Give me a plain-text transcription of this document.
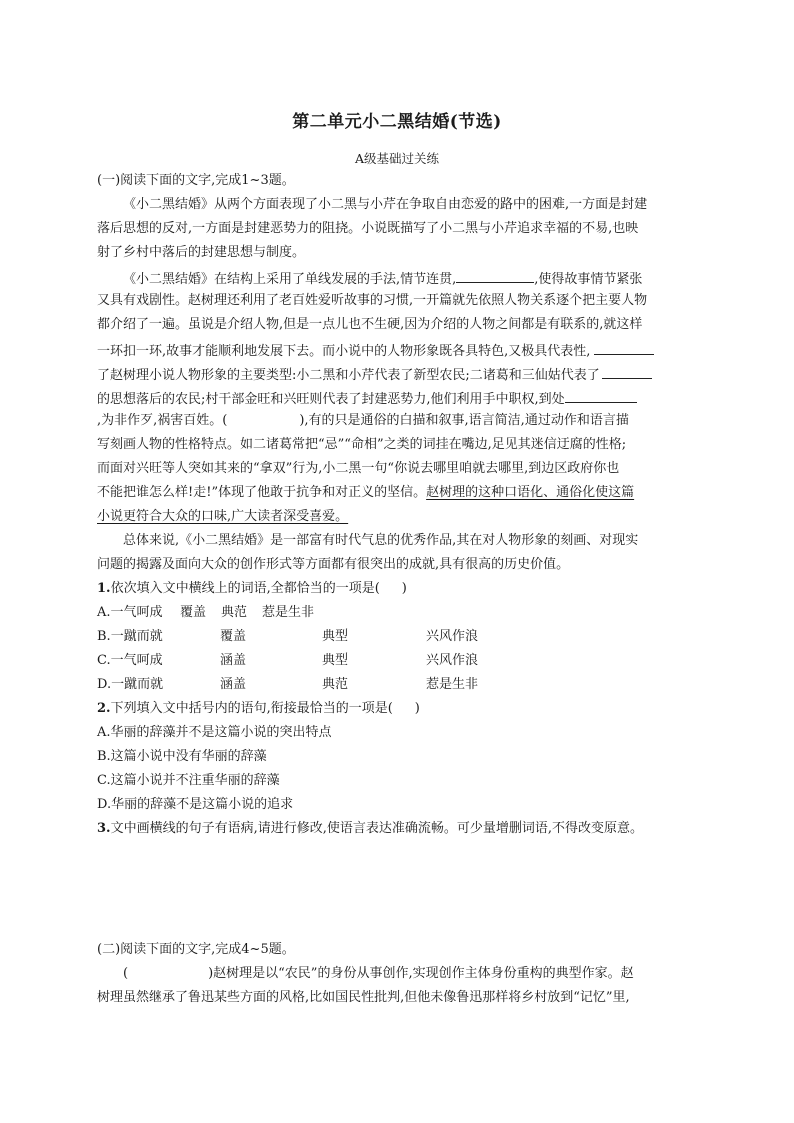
第二单元小二黑结婚(节选)
A级基础过关练
(一)阅读下面的文字,完成1~3题。
《小二黑结婚》从两个方面表现了小二黑与小芹在争取自由恋爱的路中的困难,一方面是封建
落后思想的反对,一方面是封建恶势力的阻挠。小说既描写了小二黑与小芹追求幸福的不易,也映
射了乡村中落后的封建思想与制度。
《小二黑结婚》在结构上采用了单线发展的手法,情节连贯,	,使得故事情节紧张
又具有戏剧性。赵树理还利用了老百姓爱听故事的习惯,一开篇就先依照人物关系逐个把主要人物
都介绍了一遍。虽说是介绍人物,但是一点儿也不生硬,因为介绍的人物之间都是有联系的,就这样
一环扣一环,故事才能顺利地发展下去。而小说中的人物形象既各具特色,又极具代表性,
了赵树理小说人物形象的主要类型:小二黑和小芹代表了新型农民;二诸葛和三仙姑代表了
的思想落后的农民;村干部金旺和兴旺则代表了封建恶势力,他们利用手中职权,到处
,为非作歹,祸害百姓。(	),有的只是通俗的白描和叙事,语言简洁,通过动作和语言描
写刻画人物的性格特点。如二诸葛常把“忌”“命相”之类的词挂在嘴边,足见其迷信迂腐的性格;
而面对兴旺等人突如其来的“拿双”行为,小二黑一句“你说去哪里咱就去哪里,到边区政府你也
不能把谁怎么样!走!”体现了他敢于抗争和对正义的坚信。赵树理的这种口语化、通俗化使这篇
小说更符合大众的口味,广大读者深受喜爱。
总体来说,《小二黑结婚》是一部富有时代气息的优秀作品,其在对人物形象的刻画、对现实
问题的揭露及面向大众的创作形式等方面都有很突出的成就,具有很高的历史价值。
1.依次填入文中横线上的词语,全都恰当的一项是( )
A.一气呵成 覆盖 典范 惹是生非
B.一蹴而就	覆盖	典型	兴风作浪
C.一气呵成	涵盖	典型	兴风作浪
D.一蹴而就	涵盖	典范	惹是生非
2.下列填入文中括号内的语句,衔接最恰当的一项是( )
A.华丽的辞藻并不是这篇小说的突出特点
B.这篇小说中没有华丽的辞藻
C.这篇小说并不注重华丽的辞藻
D.华丽的辞藻不是这篇小说的追求
3.文中画横线的句子有语病,请进行修改,使语言表达准确流畅。可少量增删词语,不得改变原意。
(二)阅读下面的文字,完成4~5题。
(	)赵树理是以“农民”的身份从事创作,实现创作主体身份重构的典型作家。赵
树理虽然继承了鲁迅某些方面的风格,比如国民性批判,但他未像鲁迅那样将乡村放到“记忆”里,
